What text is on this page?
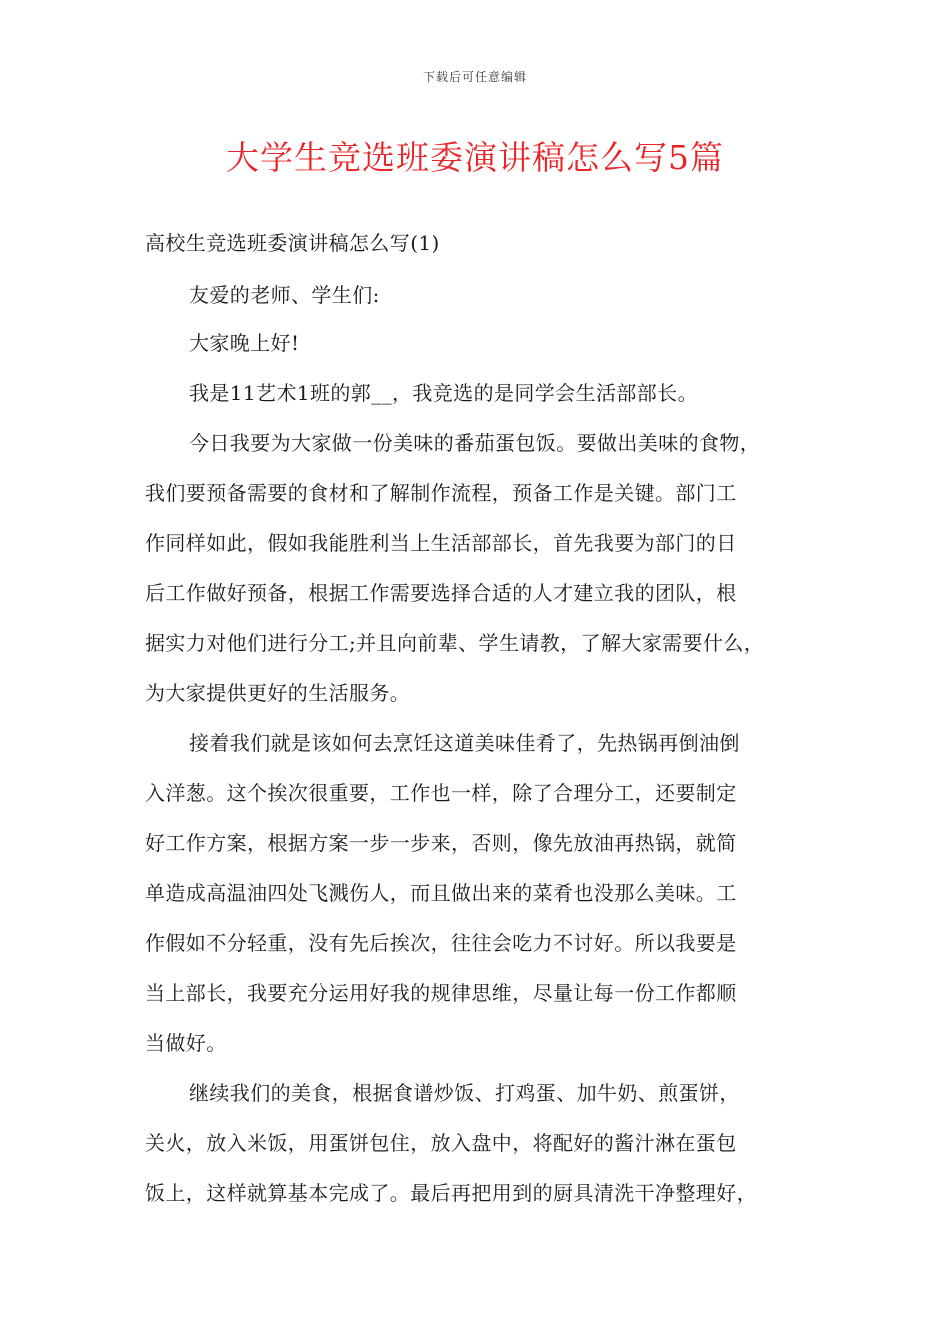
下载后可任意编辑
大学生竞选班委演讲稿怎么写5篇
高校生竞选班委演讲稿怎么写(1)
友爱的老师、学生们:
大家晚上好!
我是11艺术1班的郭__，我竞选的是同学会生活部部长。
今日我要为大家做一份美味的番茄蛋包饭。要做出美味的食物，
我们要预备需要的食材和了解制作流程，预备工作是关键。部门工
作同样如此，假如我能胜利当上生活部部长，首先我要为部门的日
后工作做好预备，根据工作需要选择合适的人才建立我的团队，根
据实力对他们进行分工;并且向前辈、学生请教，了解大家需要什么，
为大家提供更好的生活服务。
接着我们就是该如何去烹饪这道美味佳肴了，先热锅再倒油倒
入洋葱。这个挨次很重要，工作也一样，除了合理分工，还要制定
好工作方案，根据方案一步一步来，否则，像先放油再热锅，就简
单造成高温油四处飞溅伤人，而且做出来的菜肴也没那么美味。工
作假如不分轻重，没有先后挨次，往往会吃力不讨好。所以我要是
当上部长，我要充分运用好我的规律思维，尽量让每一份工作都顺
当做好。
继续我们的美食，根据食谱炒饭、打鸡蛋、加牛奶、煎蛋饼，
关火，放入米饭，用蛋饼包住，放入盘中，将配好的酱汁淋在蛋包
饭上，这样就算基本完成了。最后再把用到的厨具清洗干净整理好，
